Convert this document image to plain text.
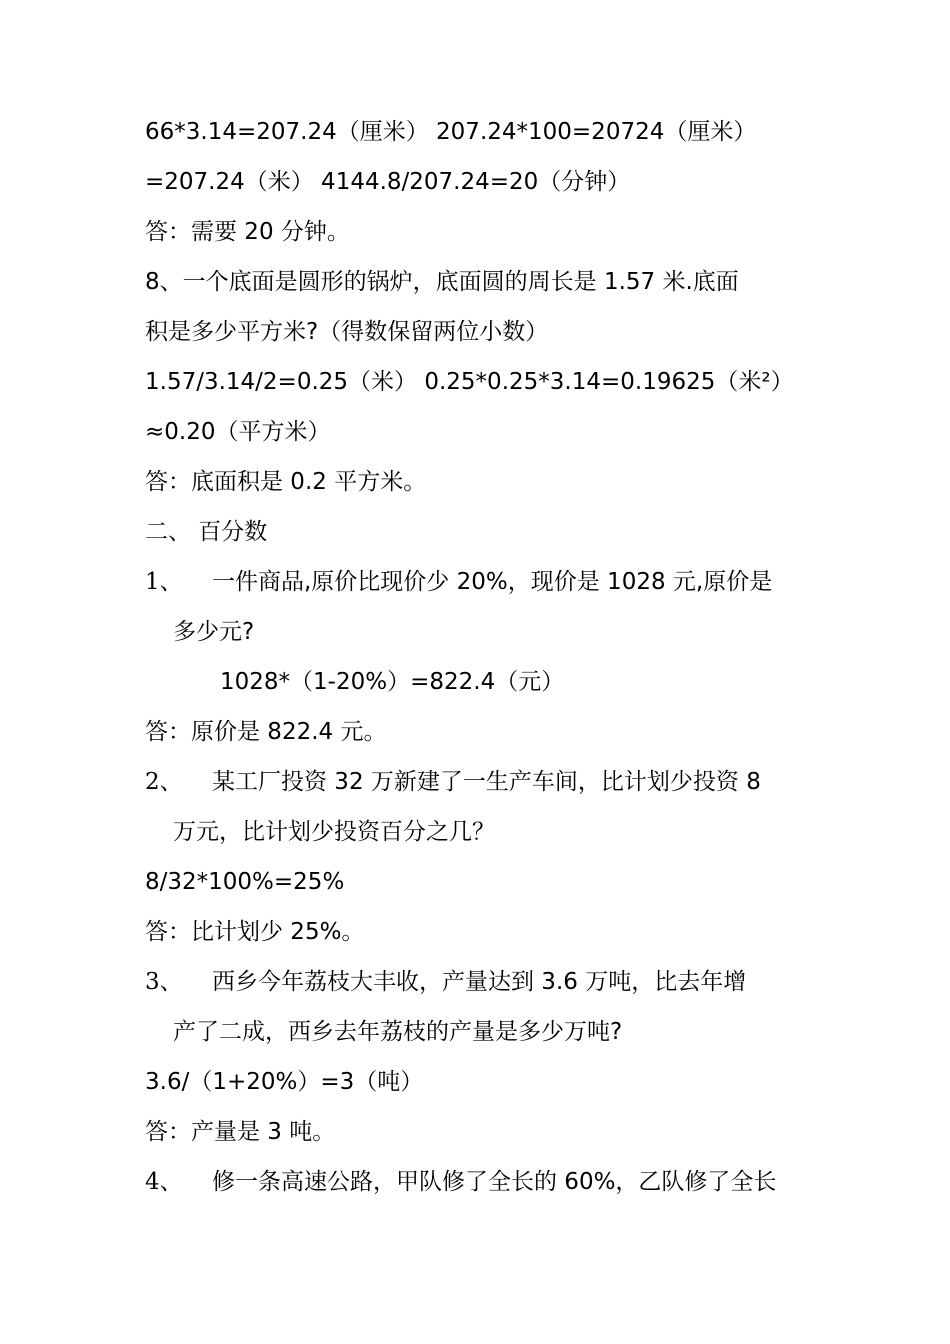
66*3.14=207.24（厘米） 207.24*100=20724（厘米）
=207.24（米） 4144.8/207.24=20（分钟）
答：需要 20 分钟。
8、一个底面是圆形的锅炉，底面圆的周长是 1.57 米.底面
积是多少平方米?（得数保留两位小数）
1.57/3.14/2=0.25（米） 0.25*0.25*3.14=0.19625（米²）
≈0.20（平方米）
答：底面积是 0.2 平方米。
二、 百分数
1、 一件商品,原价比现价少 20%，现价是 1028 元,原价是
多少元?
1028*（1-20%）=822.4（元）
答：原价是 822.4 元。
2、 某工厂投资 32 万新建了一生产车间，比计划少投资 8
万元，比计划少投资百分之几？
8/32*100%=25%
答：比计划少 25%。
3、 西乡今年荔枝大丰收，产量达到 3.6 万吨，比去年增
产了二成，西乡去年荔枝的产量是多少万吨?
3.6/（1+20%）=3（吨）
答：产量是 3 吨。
4、 修一条高速公路，甲队修了全长的 60%，乙队修了全长
